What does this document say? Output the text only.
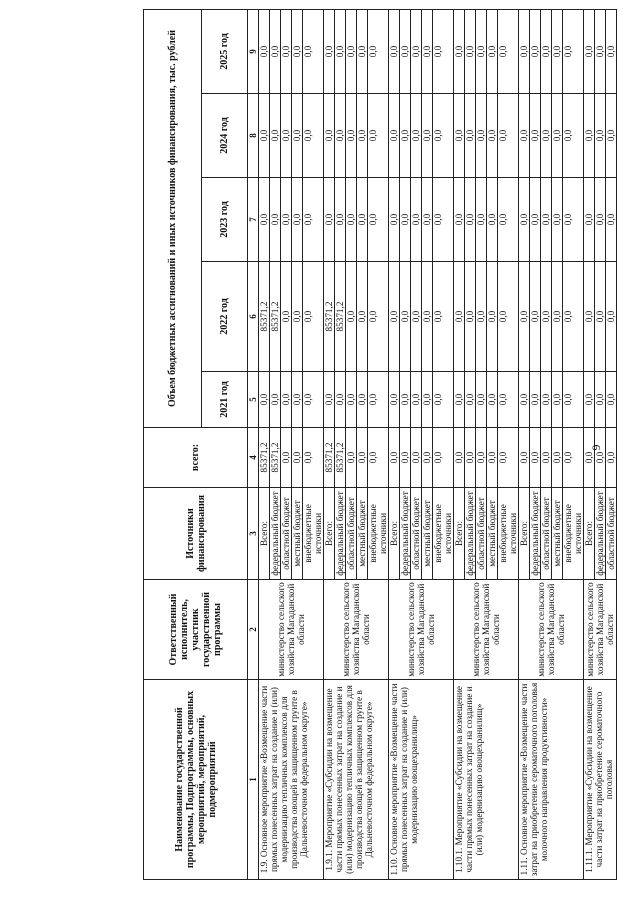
6
Наименование государственной программы, Подпрограммы, основных мероприятий, мероприятий, подмероприятий	Ответственный исполнитель, участник государственной программы	Источники финансирования	всего:	Объем бюджетных ассигнований и иных источников финансирования, тыс. рублей				
				2021 год	2022 год	2023 год	2024 год	2025 год
1	2	3	4	5	6	7	8	9
1.9. Основное мероприятие «Возмещение части прямых понесенных затрат на создание и (или) модернизацию тепличных комплексов для производства овощей в защищенном грунте в Дальневосточном федеральном округе»	министерство сельского хозяйства Магаданской области	Всего:	85371,2	0,0	85371,2	0,0	0,0	0,0
		федеральный бюджет	85371,2	0,0	85371,2	0,0	0,0	0,0
		областной бюджет	0,0	0,0	0,0	0,0	0,0	0,0
		местный бюджет	0,0	0,0	0,0	0,0	0,0	0,0
		внебюджетные источники	0,0	0,0	0,0	0,0	0,0	0,0
1.9.1. Мероприятие «Субсидии на возмещение части прямых понесенных затрат на создание и (или) модернизацию тепличных комплексов для производства овощей в защищенном грунте в Дальневосточном федеральном округе»	министерство сельского хозяйства Магаданской области	Всего:	85371,2	0,0	85371,2	0,0	0,0	0,0
		федеральный бюджет	85371,2	0,0	85371,2	0,0	0,0	0,0
		областной бюджет	0,0	0,0	0,0	0,0	0,0	0,0
		местный бюджет	0,0	0,0	0,0	0,0	0,0	0,0
		внебюджетные источники	0,0	0,0	0,0	0,0	0,0	0,0
1.10. Основное мероприятие «Возмещение части прямых понесенных затрат на создание и (или) модернизацию овощехранилищ»	министерство сельского хозяйства Магаданской области	Всего:	0,0	0,0	0,0	0,0	0,0	0,0
		федеральный бюджет	0,0	0,0	0,0	0,0	0,0	0,0
		областной бюджет	0,0	0,0	0,0	0,0	0,0	0,0
		местный бюджет	0,0	0,0	0,0	0,0	0,0	0,0
		внебюджетные источники	0,0	0,0	0,0	0,0	0,0	0,0
1.10.1. Мероприятие «Субсидии на возмещение части прямых понесенных затрат на создание и (или) модернизацию овощехранилищ»	министерство сельского хозяйства Магаданской области	Всего:	0,0	0,0	0,0	0,0	0,0	0,0
		федеральный бюджет	0,0	0,0	0,0	0,0	0,0	0,0
		областной бюджет	0,0	0,0	0,0	0,0	0,0	0,0
		местный бюджет	0,0	0,0	0,0	0,0	0,0	0,0
		внебюджетные источники	0,0	0,0	0,0	0,0	0,0	0,0
1.11. Основное мероприятие «Возмещение части затрат на приобретение сероматочного поголовья молочного направления продуктивности»	министерство сельского хозяйства Магаданской области	Всего:	0,0	0,0	0,0	0,0	0,0	0,0
		федеральный бюджет	0,0	0,0	0,0	0,0	0,0	0,0
		областной бюджет	0,0	0,0	0,0	0,0	0,0	0,0
		местный бюджет	0,0	0,0	0,0	0,0	0,0	0,0
		внебюджетные источники	0,0	0,0	0,0	0,0	0,0	0,0
1.11.1. Мероприятие «Субсидии на возмещение части затрат на приобретение сероматочного поголовья	министерство сельского хозяйства Магаданской области	Всего:	0,0	0,0	0,0	0,0	0,0	0,0
		федеральный бюджет	0,0	0,0	0,0	0,0	0,0	0,0
		областной бюджет	0,0	0,0	0,0	0,0	0,0	0,0
